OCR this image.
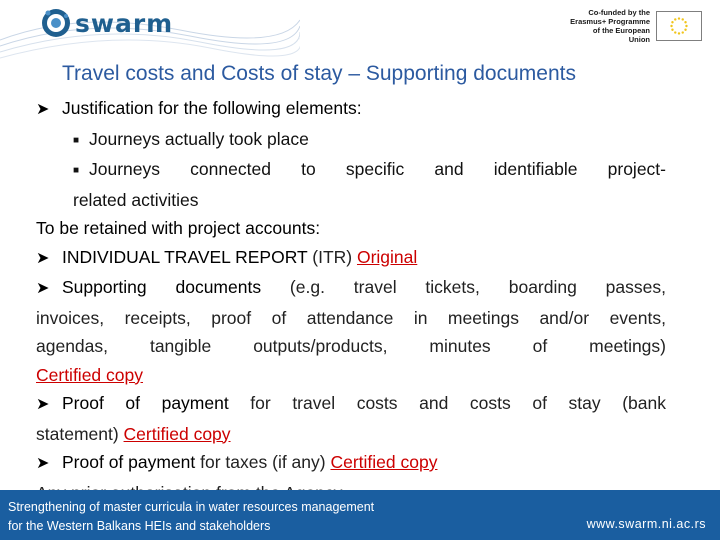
swarm	Co-funded by the
Erasmus+ Programme
of the European Union
Travel costs and Costs of stay – Supporting documents
➤ Justification for the following elements:
■ Journeys actually took place
■ Journeys connected to specific and identifiable project-
related activities
To be retained with project accounts:
➤ INDIVIDUAL TRAVEL REPORT (ITR) Original
➤ Supporting documents (e.g. travel tickets, boarding passes,
invoices, receipts, proof of attendance in meetings and/or events,
agendas, tangible outputs/products, minutes of meetings)
Certified copy
➤ Proof of payment for travel costs and costs of stay (bank
statement) Certified copy
➤ Proof of payment for taxes (if any) Certified copy
Strengthening of master curricula in water resources management
for the Western Balkans HEIs and stakeholders	www.swarm.ni.ac.rs
